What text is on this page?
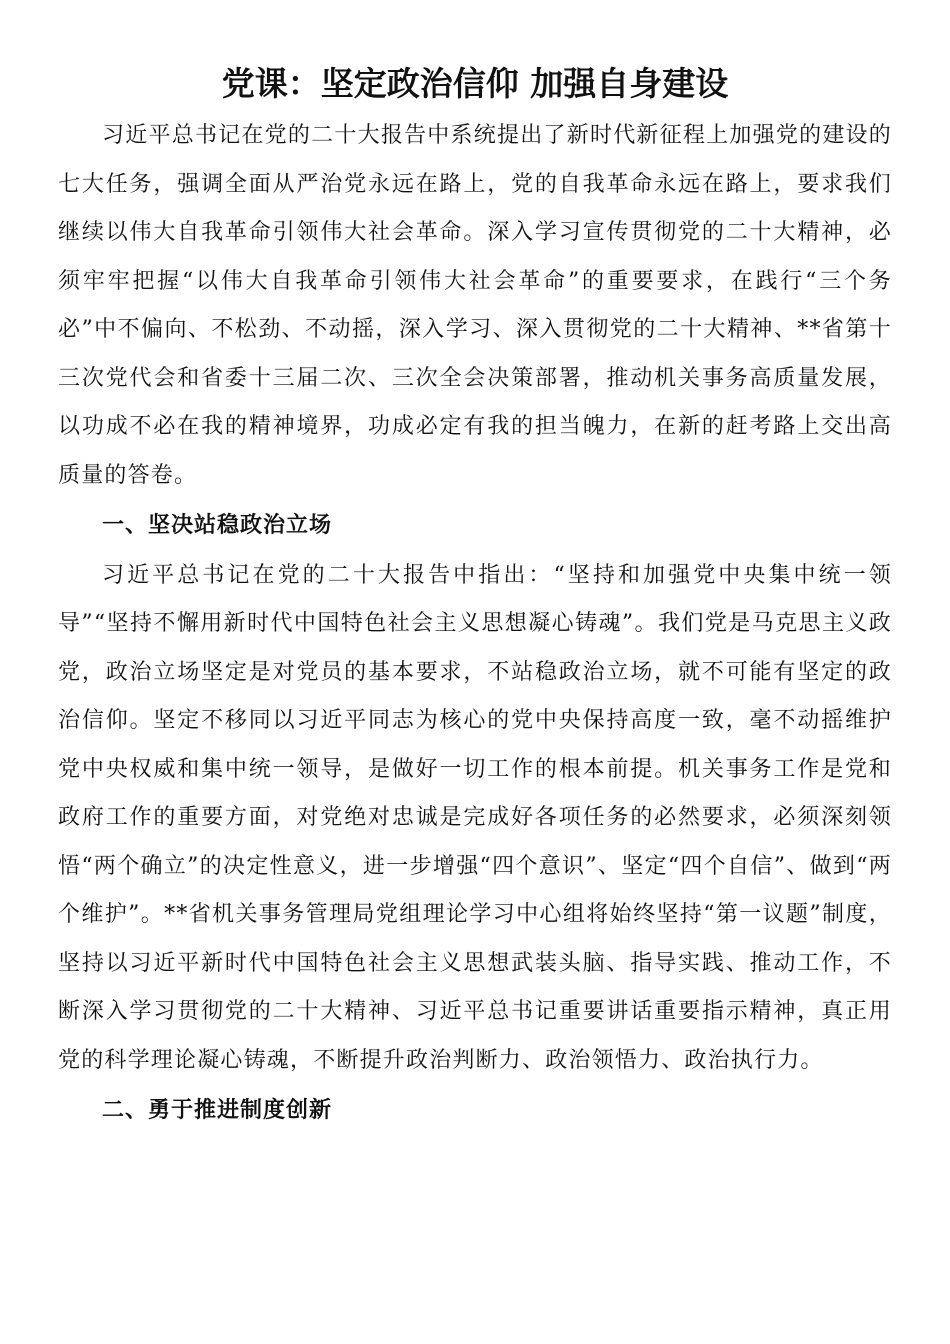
党课：坚定政治信仰 加强自身建设

习近平总书记在党的二十大报告中系统提出了新时代新征程上加强党的建设的七大任务，强调全面从严治党永远在路上，党的自我革命永远在路上，要求我们继续以伟大自我革命引领伟大社会革命。深入学习宣传贯彻党的二十大精神，必须牢牢把握“以伟大自我革命引领伟大社会革命”的重要要求，在践行“三个务必”中不偏向、不松劲、不动摇，深入学习、深入贯彻党的二十大精神、**省第十三次党代会和省委十三届二次、三次全会决策部署，推动机关事务高质量发展，以功成不必在我的精神境界，功成必定有我的担当魄力，在新的赶考路上交出高质量的答卷。

一、坚决站稳政治立场

习近平总书记在党的二十大报告中指出：“坚持和加强党中央集中统一领导”“坚持不懈用新时代中国特色社会主义思想凝心铸魂”。我们党是马克思主义政党，政治立场坚定是对党员的基本要求，不站稳政治立场，就不可能有坚定的政治信仰。坚定不移同以习近平同志为核心的党中央保持高度一致，毫不动摇维护党中央权威和集中统一领导，是做好一切工作的根本前提。机关事务工作是党和政府工作的重要方面，对党绝对忠诚是完成好各项任务的必然要求，必须深刻领悟“两个确立”的决定性意义，进一步增强“四个意识”、坚定“四个自信”、做到“两个维护”。**省机关事务管理局党组理论学习中心组将始终坚持“第一议题”制度，坚持以习近平新时代中国特色社会主义思想武装头脑、指导实践、推动工作，不断深入学习贯彻党的二十大精神、习近平总书记重要讲话重要指示精神，真正用党的科学理论凝心铸魂，不断提升政治判断力、政治领悟力、政治执行力。

二、勇于推进制度创新
